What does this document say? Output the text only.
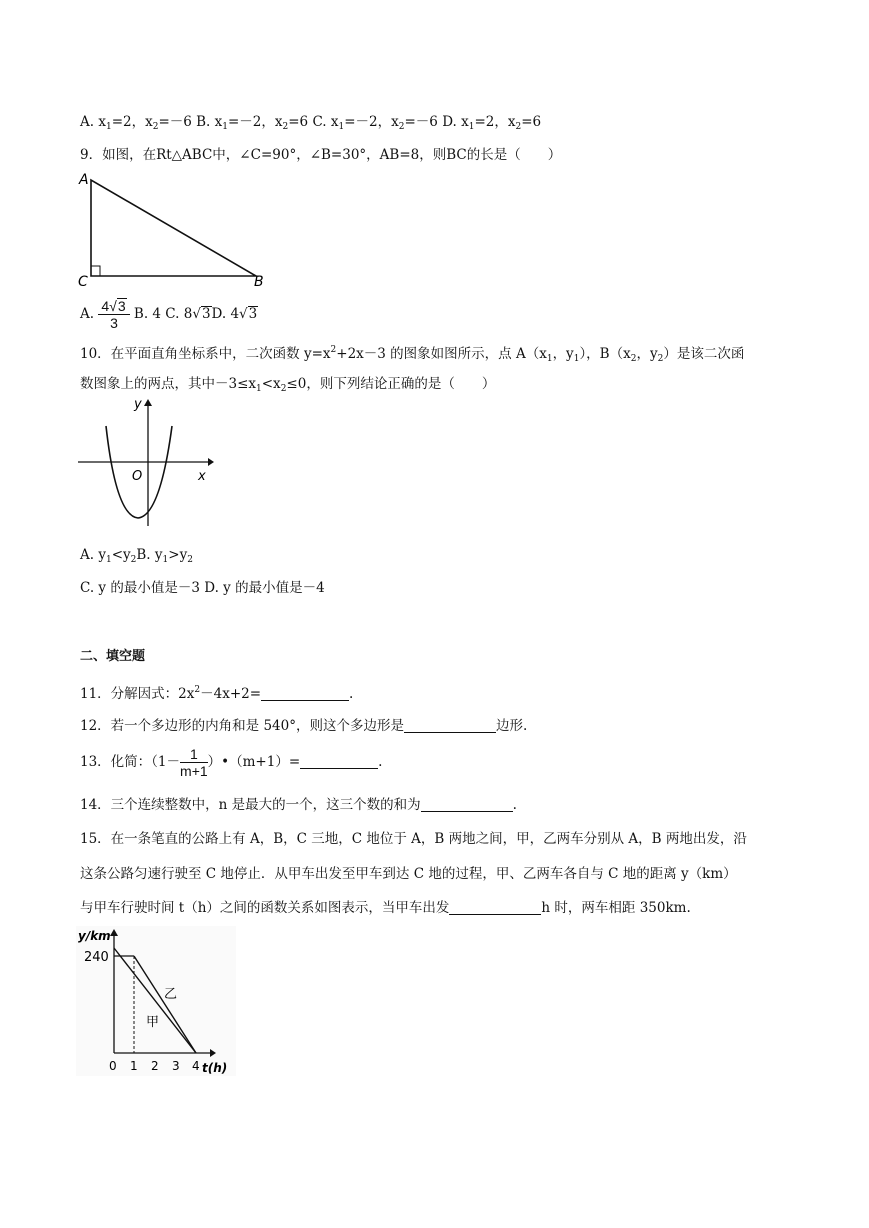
A. $x_1=2$，$x_2=-6$ B. $x_1=-2$，$x_2=6$ C. $x_1=-2$，$x_2=-6$ D. $x_1=2$，$x_2=6$
9．如图，在Rt△ABC中，∠C=90°，∠B=30°，AB=8，则BC的长是（　　）
A
C	B
A. $\frac{4√3}{3} B$. 4 C. 8√3D. 4√3
10．在平面直角坐标系中，二次函数 $y=x^2+2x-3$ 的图象如图所示，点 $A(x_1$，$y_1$），$B(x_2$，$y_2$）是该二次函
数图象上的两点，其中$-3\le x_1<x_2\le 0$，则下列结论正确的是（　　）
y
x
O
A. $y_1<y_2B$. $y_1>y_2$
C. y 的最小值是－3 D. y 的最小值是－4
二、填空题
11．分解因式：$2x^2-4x+2=$	.
12．若一个多边形的内角和是 540°，则这个多边形是	边形.
13．化简：（$1- \frac{1}{m+1}$ ）•（m+1）=	.
14．三个连续整数中，n 是最大的一个，这三个数的和为	.
15．在一条笔直的公路上有 A，B，C 三地，C 地位于 A，B 两地之间，甲，乙两车分别从 A，B 两地出发，沿
这条公路匀速行驶至 C 地停止．从甲车出发至甲车到达 C 地的过程，甲、乙两车各自与 C 地的距离 y（km）
与甲车行驶时间 t（h）之间的函数关系如图表示，当甲车出发	h 时，两车相距 350km.
y/km
240
乙
甲
0 1 2 3 4 t(h)
